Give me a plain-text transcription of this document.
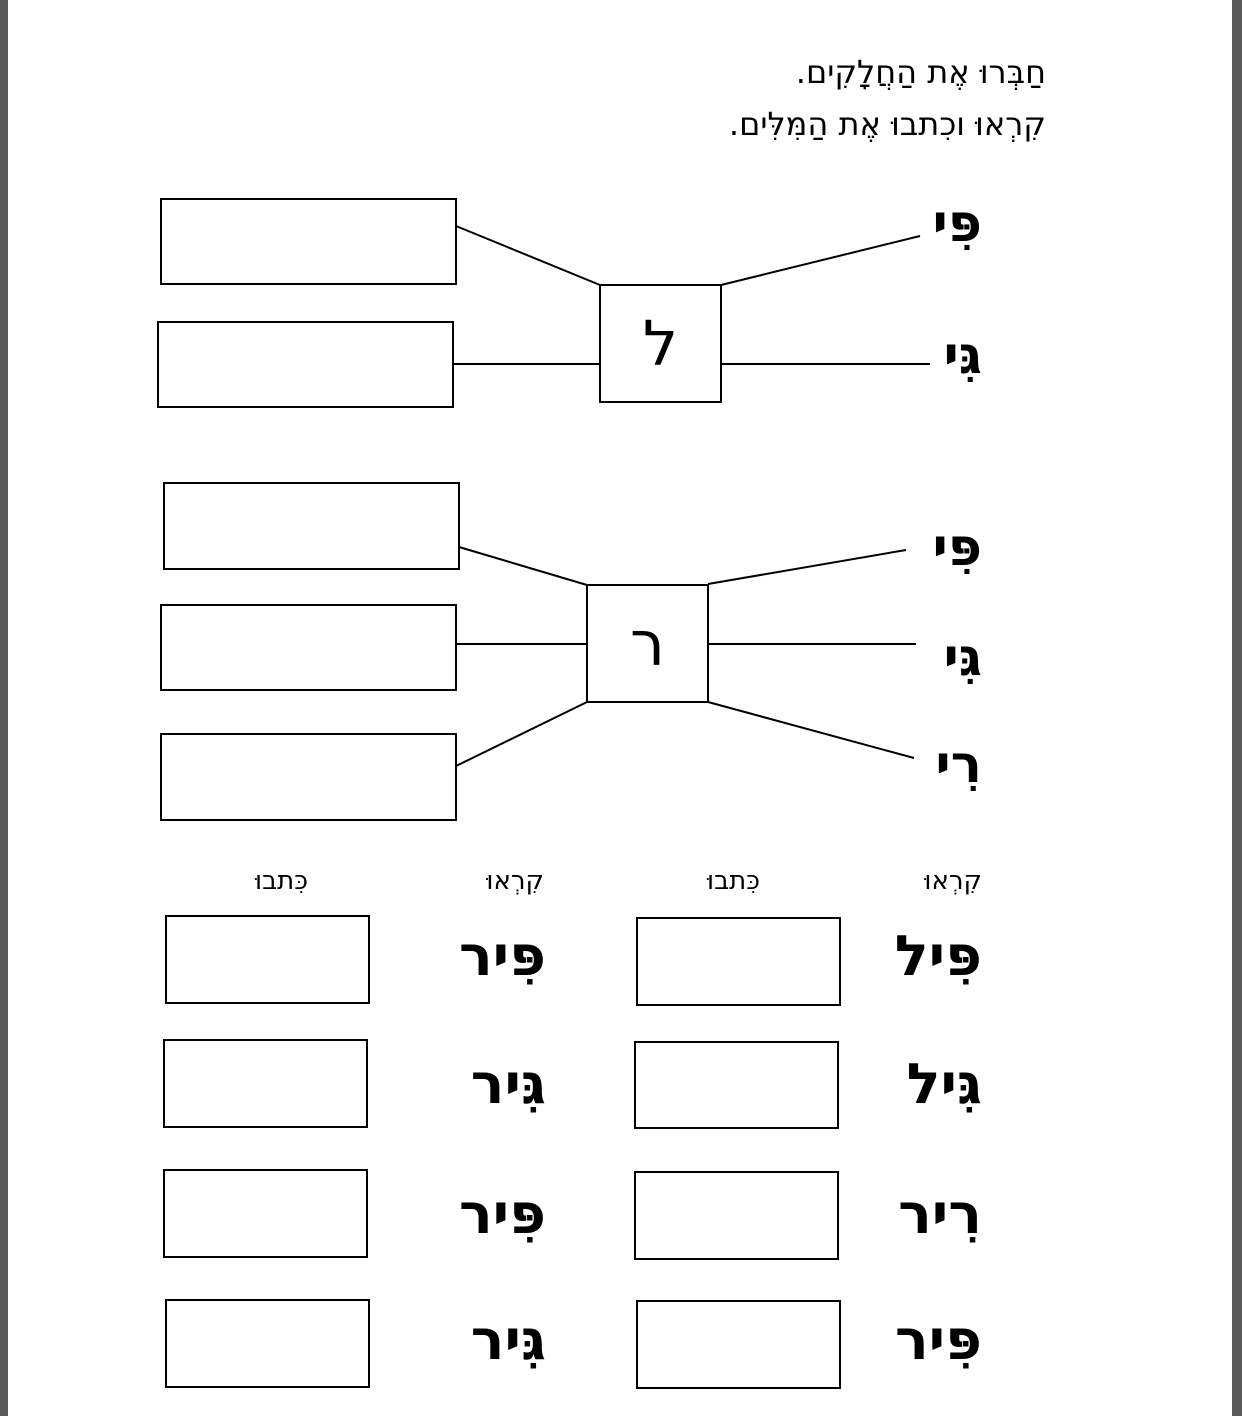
חַבְּרוּ אֶת הַחֲלָקִים.
קִרְאוּ וכִתבוּ אֶת הַמִּלִּים.
ל
פִּי
גִּי
ר
פִּי
גִּי
רִי
קִרְאוּ
כִּתבוּ
קִרְאוּ
כִּתבוּ
פִּיל
גִּיל
רִיר
פִּיר
פִּיר
גִּיר
פִּיר
גִּיר
